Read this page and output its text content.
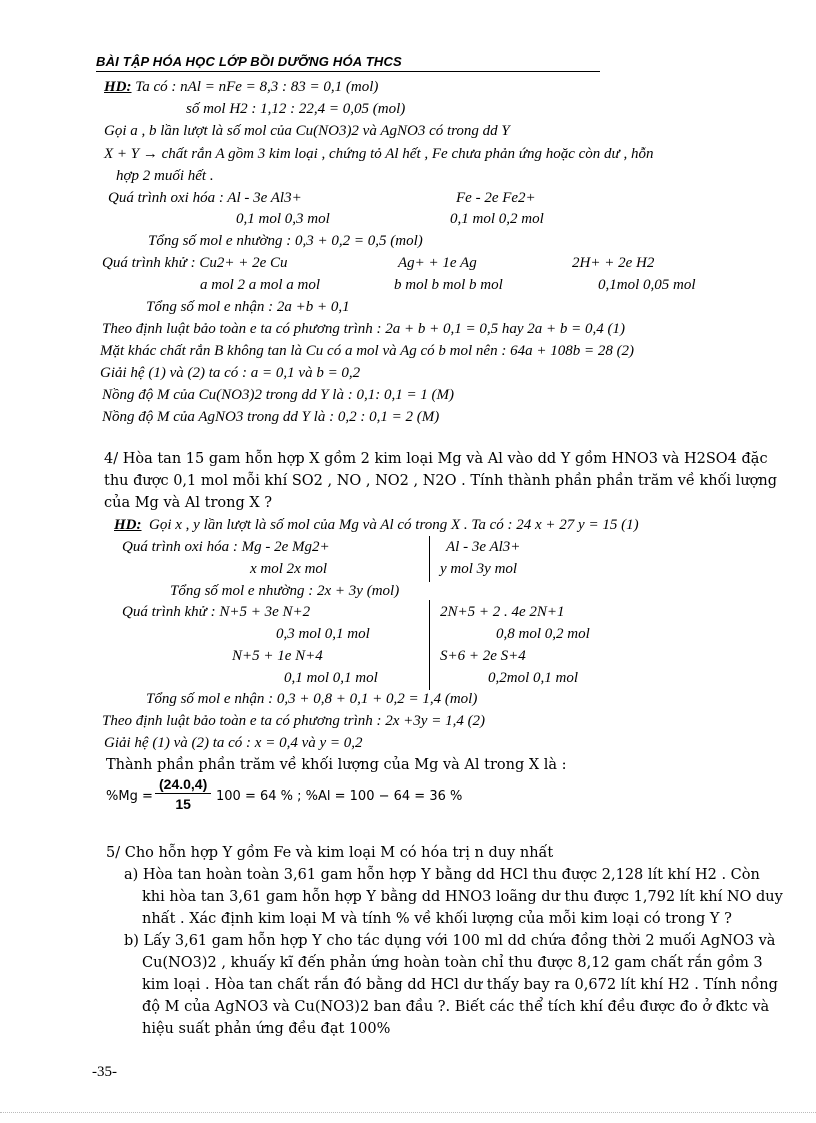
BÀI TẬP HÓA HỌC LỚP BỒI DƯỠNG HÓA THCS
HD: Ta có : nAl = nFe = 8,3 : 83 = 0,1 (mol)
số mol H2 : 1,12 : 22,4 = 0,05 (mol)
Gọi a , b lần lượt là số mol của Cu(NO3)2 và AgNO3 có trong dd Y
X + Y → chất rắn A gồm 3 kim loại , chứng tỏ Al hết , Fe chưa phản ứng hoặc còn dư , hỗn
hợp 2 muối hết .
Quá trình oxi hóa : Al - 3e Al3+	Fe - 2e Fe2+
0,1 mol 0,3 mol	0,1 mol 0,2 mol
Tổng số mol e nhường : 0,3 + 0,2 = 0,5 (mol)
Quá trình khử : Cu2+ + 2e Cu	Ag+ + 1e Ag	2H+ + 2e H2
a mol 2 a mol a mol	b mol b mol b mol	0,1mol 0,05 mol
Tổng số mol e nhận : 2a +b + 0,1
Theo định luật bảo toàn e ta có phương trình : 2a + b + 0,1 = 0,5 hay 2a + b = 0,4 (1)
Mặt khác chất rắn B không tan là Cu có a mol và Ag có b mol nên : 64a + 108b = 28 (2)
Giải hệ (1) và (2) ta có : a = 0,1 và b = 0,2
Nồng độ M của Cu(NO3)2 trong dd Y là : 0,1: 0,1 = 1 (M)
Nồng độ M của AgNO3 trong dd Y là : 0,2 : 0,1 = 2 (M)
4/ Hòa tan 15 gam hỗn hợp X gồm 2 kim loại Mg và Al vào dd Y gồm HNO3 và H2SO4 đặc
thu được 0,1 mol mỗi khí SO2 , NO , NO2 , N2O . Tính thành phần phần trăm về khối lượng
của Mg và Al trong X ?
HD: Gọi x , y lần lượt là số mol của Mg và Al có trong X . Ta có : 24 x + 27 y = 15 (1)
Quá trình oxi hóa : Mg - 2e Mg2+	Al - 3e Al3+
x mol 2x mol	y mol 3y mol
Tổng số mol e nhường : 2x + 3y (mol)
Quá trình khử : N+5 + 3e N+2	2N+5 + 2 . 4e 2N+1
0,3 mol 0,1 mol	0,8 mol 0,2 mol
N+5 + 1e N+4	S+6 + 2e S+4
0,1 mol 0,1 mol	0,2mol 0,1 mol
Tổng số mol e nhận : 0,3 + 0,8 + 0,1 + 0,2 = 1,4 (mol)
Theo định luật bảo toàn e ta có phương trình : 2x +3y = 1,4 (2)
Giải hệ (1) và (2) ta có : x = 0,4 và y = 0,2
Thành phần phần trăm về khối lượng của Mg và Al trong X là :
$\%Mg = \frac{(24.0,4)}{15} 100 = 64$ % ; %Al = 100 − 64 = 36 %
5/ Cho hỗn hợp Y gồm Fe và kim loại M có hóa trị n duy nhất
a) Hòa tan hoàn toàn 3,61 gam hỗn hợp Y bằng dd HCl thu được 2,128 lít khí H2 . Còn
khi hòa tan 3,61 gam hỗn hợp Y bằng dd HNO3 loãng dư thu được 1,792 lít khí NO duy
nhất . Xác định kim loại M và tính % về khối lượng của mỗi kim loại có trong Y ?
b) Lấy 3,61 gam hỗn hợp Y cho tác dụng với 100 ml dd chứa đồng thời 2 muối AgNO3 và
Cu(NO3)2 , khuấy kĩ đến phản ứng hoàn toàn chỉ thu được 8,12 gam chất rắn gồm 3
kim loại . Hòa tan chất rắn đó bằng dd HCl dư thấy bay ra 0,672 lít khí H2 . Tính nồng
độ M của AgNO3 và Cu(NO3)2 ban đầu ?. Biết các thể tích khí đều được đo ở đktc và
hiệu suất phản ứng đều đạt 100%
-35-
